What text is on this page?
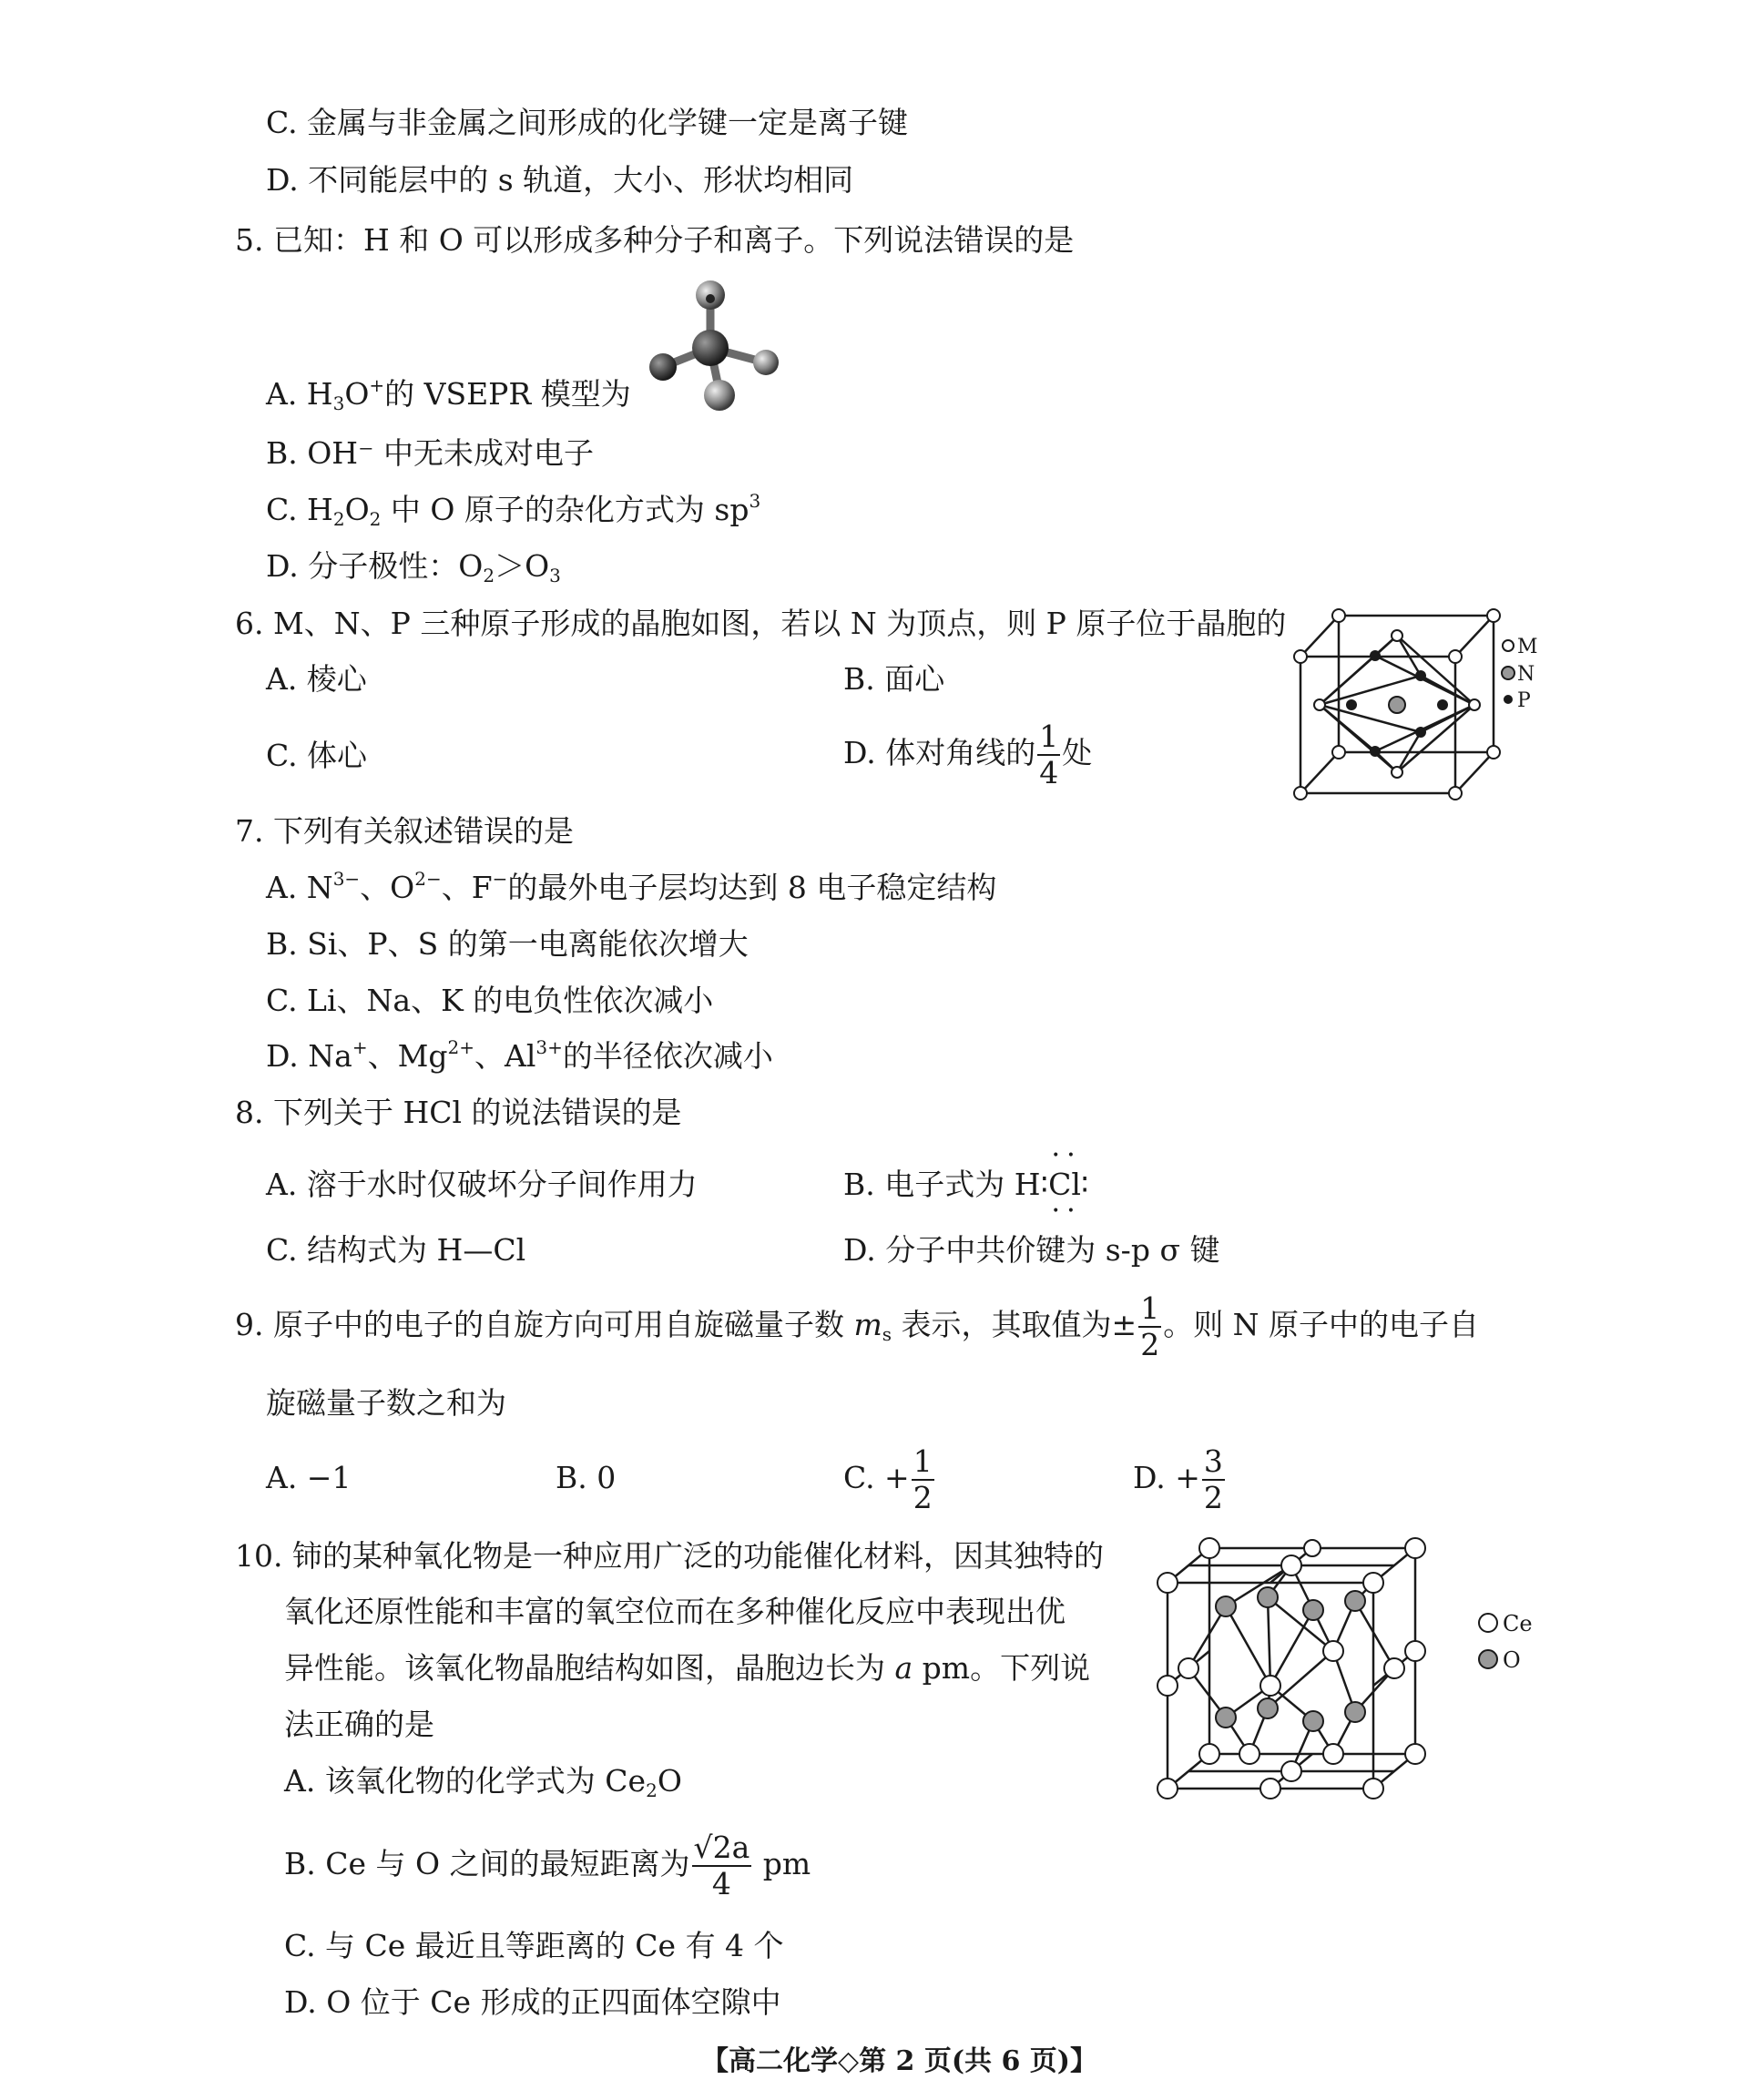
C. 金属与非金属之间形成的化学键一定是离子键
D. 不同能层中的 s 轨道，大小、形状均相同
5. 已知：H 和 O 可以形成多种分子和离子。下列说法错误的是
A. $H_3O^+$的 VSEPR 模型为
B. OH⁻ 中无未成对电子
C. $H_2O_2$ 中 O 原子的杂化方式为 $sp^3$
D. 分子极性：$O_2>O_3$
6. M、N、P 三种原子形成的晶胞如图，若以 N 为顶点，则 P 原子位于晶胞的
A. 棱心	B. 面心
C. 体心	D. 体对角线的 $\frac{1}{4}$ 处
M
N
P
7. 下列有关叙述错误的是
A. $N^{3-}$、$O^{2-}$、F−的最外电子层均达到 8 电子稳定结构
B. Si、P、S 的第一电离能依次增大
C. Li、Na、K 的电负性依次减小
D. Na+、$Mg^{2+}$、$Al^{3+}$的半径依次减小
8. 下列关于 HCl 的说法错误的是
A. 溶于水时仅破坏分子间作用力	B. 电子式为 H∶• • Cl • •∶
C. 结构式为 H—Cl	D. 分子中共价键为 s-p σ 键
9. 原子中的电子的自旋方向可用自旋磁量子数 $m_s$ 表示，其取值为± $\frac{1}{2}$ 。则 N 原子中的电子自
旋磁量子数之和为
A. −1	B. 0	C. + $\frac{1}{2}$	D. + $\frac{3}{2}$
10. 铈的某种氧化物是一种应用广泛的功能催化材料，因其独特的
氧化还原性能和丰富的氧空位而在多种催化反应中表现出优
异性能。该氧化物晶胞结构如图，晶胞边长为 a pm。下列说
法正确的是
A. 该氧化物的化学式为 $Ce_2O$
B. Ce 与 O 之间的最短距离为 $\frac{√2a}{4}$ pm
C. 与 Ce 最近且等距离的 Ce 有 4 个
D. O 位于 Ce 形成的正四面体空隙中
Ce
O
【高二化学◇第 2 页(共 6 页)】
